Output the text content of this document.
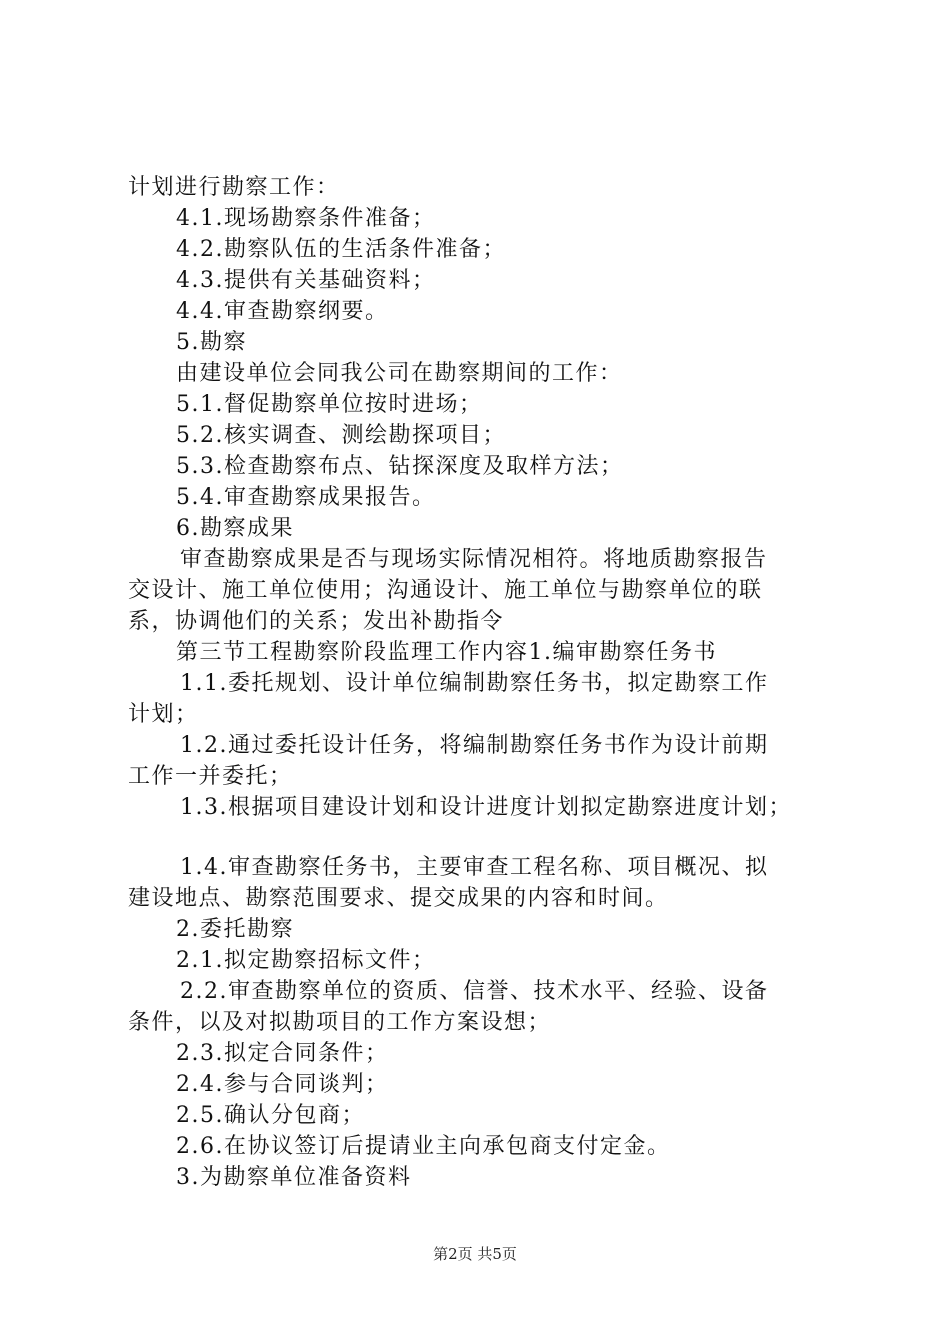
计划进行勘察工作：
4.1.现场勘察条件准备；
4.2.勘察队伍的生活条件准备；
4.3.提供有关基础资料；
4.4.审查勘察纲要。
5.勘察
由建设单位会同我公司在勘察期间的工作：
5.1.督促勘察单位按时进场；
5.2.核实调查、测绘勘探项目；
5.3.检查勘察布点、钻探深度及取样方法；
5.4.审查勘察成果报告。
6.勘察成果
审查勘察成果是否与现场实际情况相符。将地质勘察报告
交设计、施工单位使用；沟通设计、施工单位与勘察单位的联
系，协调他们的关系；发出补勘指令
第三节工程勘察阶段监理工作内容1.编审勘察任务书
1.1.委托规划、设计单位编制勘察任务书，拟定勘察工作
计划；
1.2.通过委托设计任务，将编制勘察任务书作为设计前期
工作一并委托；
1.3.根据项目建设计划和设计进度计划拟定勘察进度计划；
1.4.审查勘察任务书，主要审查工程名称、项目概况、拟
建设地点、勘察范围要求、提交成果的内容和时间。
2.委托勘察
2.1.拟定勘察招标文件；
2.2.审查勘察单位的资质、信誉、技术水平、经验、设备
条件，以及对拟勘项目的工作方案设想；
2.3.拟定合同条件；
2.4.参与合同谈判；
2.5.确认分包商；
2.6.在协议签订后提请业主向承包商支付定金。
3.为勘察单位准备资料
第2页 共5页
